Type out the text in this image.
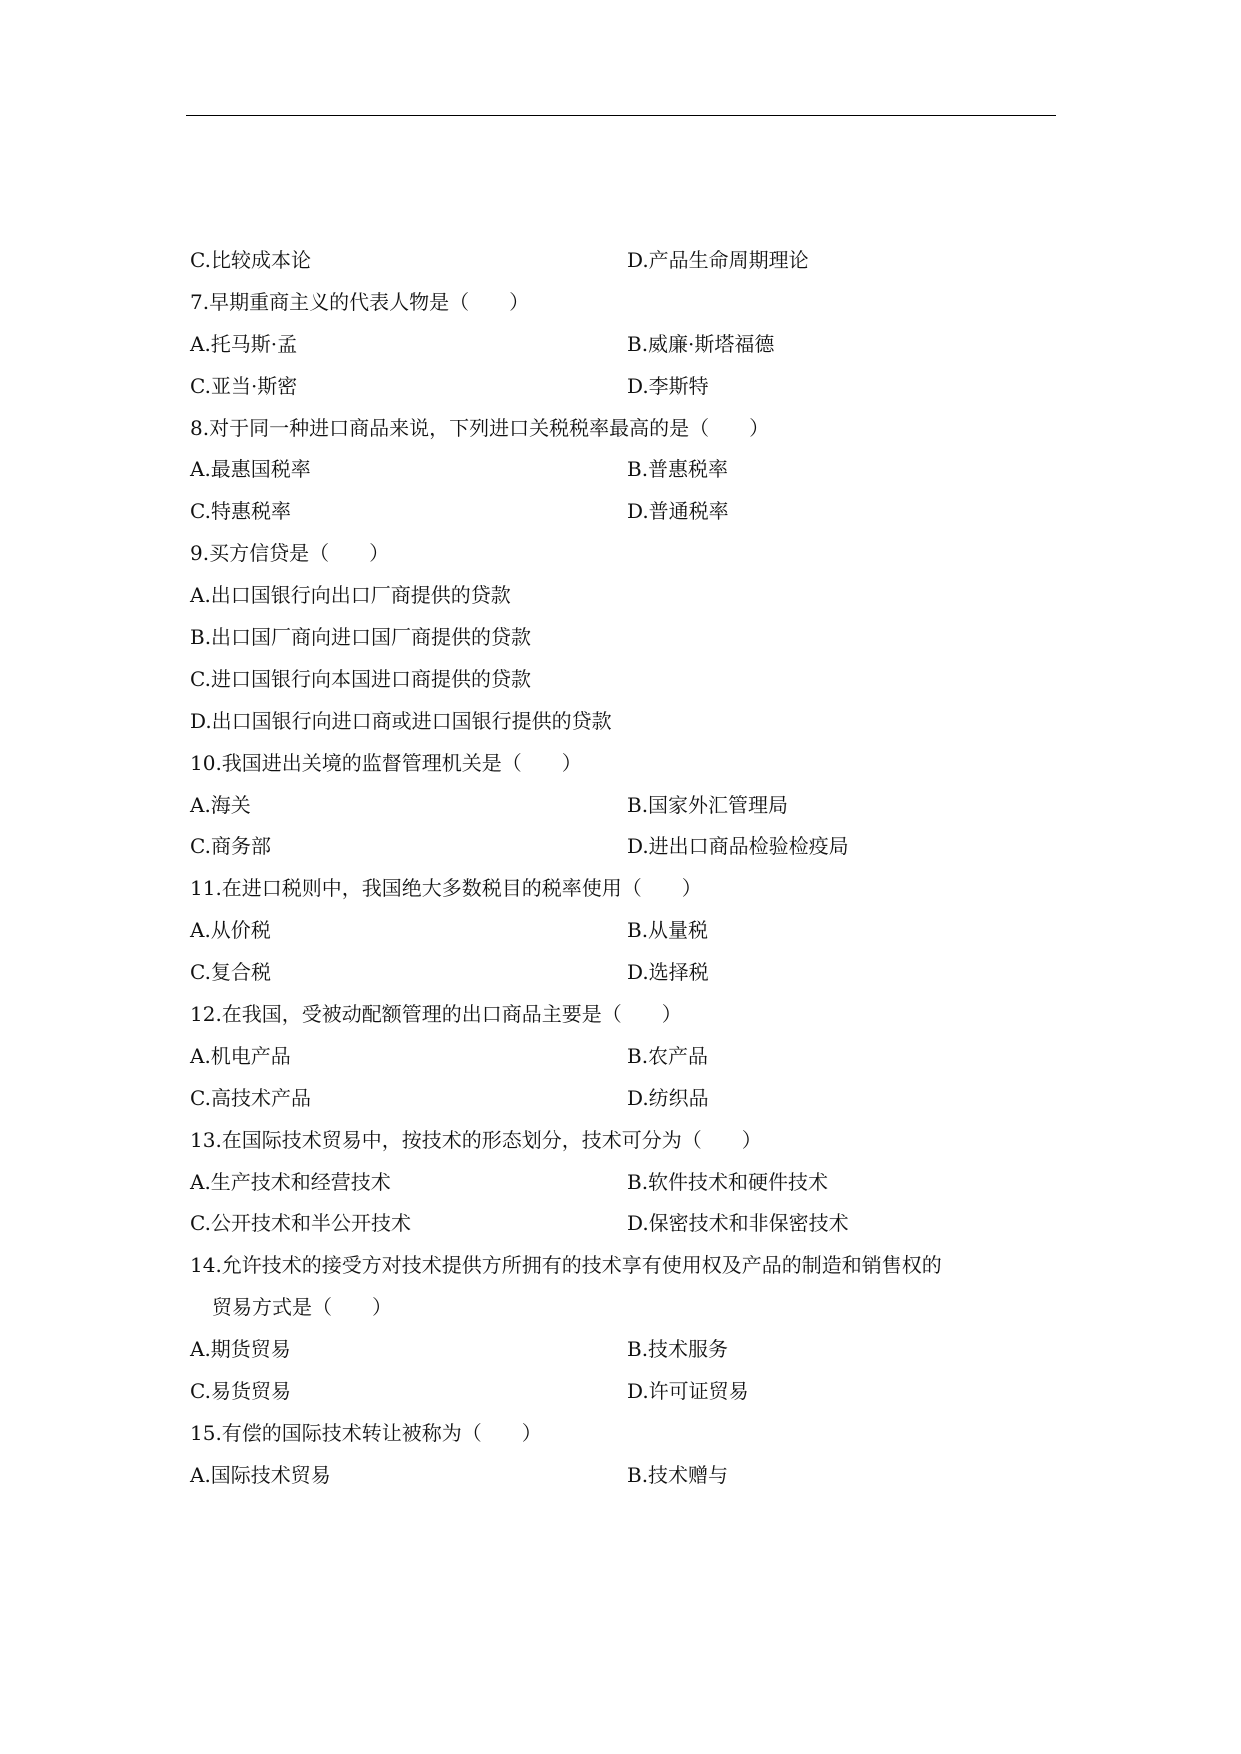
C.比较成本论	D.产品生命周期理论
7.早期重商主义的代表人物是（　　）
A.托马斯·孟	B.威廉·斯塔福德
C.亚当·斯密	D.李斯特
8.对于同一种进口商品来说，下列进口关税税率最高的是（　　）
A.最惠国税率	B.普惠税率
C.特惠税率	D.普通税率
9.买方信贷是（　　）
A.出口国银行向出口厂商提供的贷款
B.出口国厂商向进口国厂商提供的贷款
C.进口国银行向本国进口商提供的贷款
D.出口国银行向进口商或进口国银行提供的贷款
10.我国进出关境的监督管理机关是（　　）
A.海关	B.国家外汇管理局
C.商务部	D.进出口商品检验检疫局
11.在进口税则中，我国绝大多数税目的税率使用（　　）
A.从价税	B.从量税
C.复合税	D.选择税
12.在我国，受被动配额管理的出口商品主要是（　　）
A.机电产品	B.农产品
C.高技术产品	D.纺织品
13.在国际技术贸易中，按技术的形态划分，技术可分为（　　）
A.生产技术和经营技术	B.软件技术和硬件技术
C.公开技术和半公开技术	D.保密技术和非保密技术
14.允许技术的接受方对技术提供方所拥有的技术享有使用权及产品的制造和销售权的
贸易方式是（　　）
A.期货贸易	B.技术服务
C.易货贸易	D.许可证贸易
15.有偿的国际技术转让被称为（　　）
A.国际技术贸易	B.技术赠与
